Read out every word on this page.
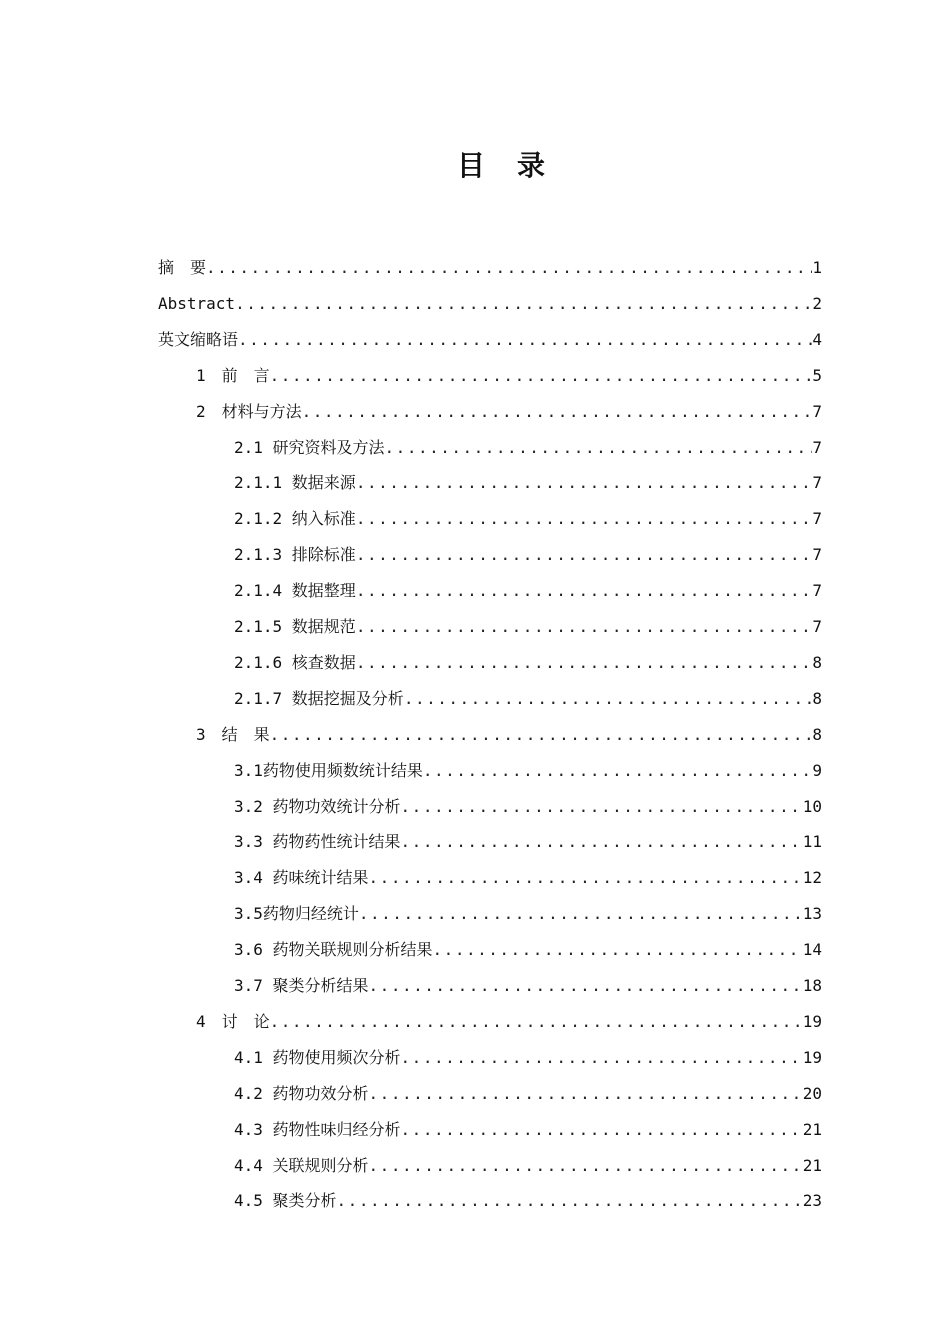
目　录
摘　要 .....	1
Abstract .....	2
英文缩略语 .....	4
1　前　言 .....	5
2　材料与方法 .....	7
2.1 研究资料及方法 .....	7
2.1.1 数据来源 .....	7
2.1.2 纳入标准 .....	7
2.1.3 排除标准 .....	7
2.1.4 数据整理 .....	7
2.1.5 数据规范 .....	7
2.1.6 核查数据 .....	8
2.1.7 数据挖掘及分析 .....	8
3　结　果 .....	8
3.1药物使用频数统计结果 .....	9
3.2 药物功效统计分析 .....	10
3.3 药物药性统计结果 .....	11
3.4 药味统计结果 .....	12
3.5药物归经统计 .....	13
3.6 药物关联规则分析结果 .....	14
3.7 聚类分析结果 .....	18
4　讨　论 .....	19
4.1 药物使用频次分析 .....	19
4.2 药物功效分析 .....	20
4.3 药物性味归经分析 .....	21
4.4 关联规则分析 .....	21
4.5 聚类分析 .....	23
